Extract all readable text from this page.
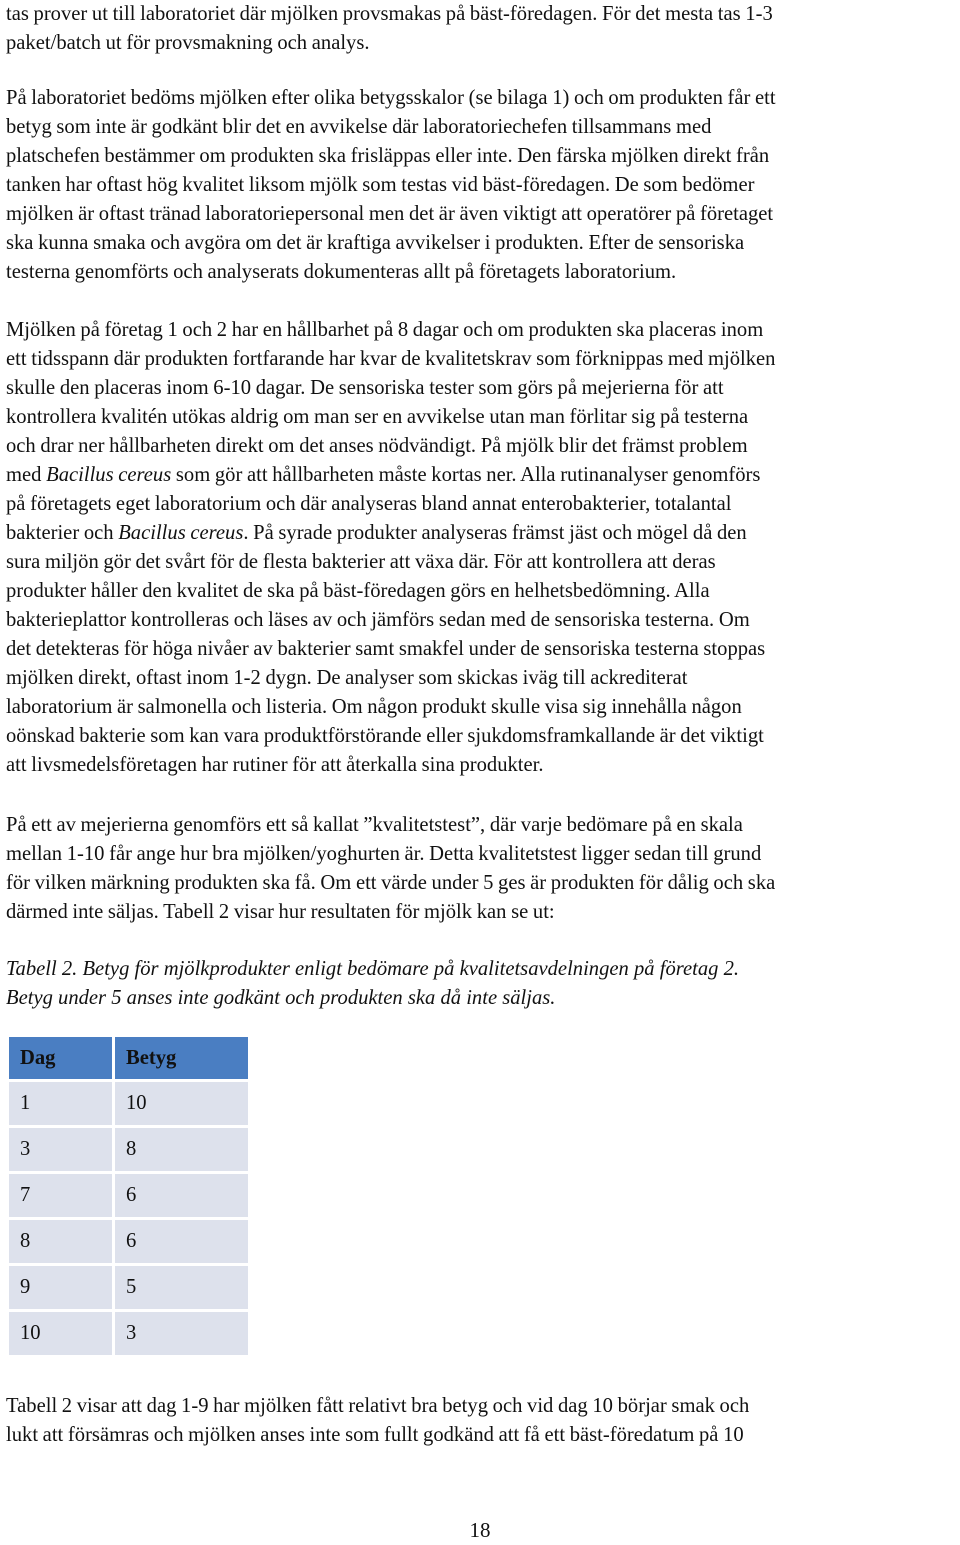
tas prover ut till laboratoriet där mjölken provsmakas på bäst-föredagen. För det mesta tas 1-3
paket/batch ut för provsmakning och analys.
På laboratoriet bedöms mjölken efter olika betygsskalor (se bilaga 1) och om produkten får ett
betyg som inte är godkänt blir det en avvikelse där laboratoriechefen tillsammans med
platschefen bestämmer om produkten ska frisläppas eller inte. Den färska mjölken direkt från
tanken har oftast hög kvalitet liksom mjölk som testas vid bäst-föredagen. De som bedömer
mjölken är oftast tränad laboratoriepersonal men det är även viktigt att operatörer på företaget
ska kunna smaka och avgöra om det är kraftiga avvikelser i produkten. Efter de sensoriska
testerna genomförts och analyserats dokumenteras allt på företagets laboratorium.
Mjölken på företag 1 och 2 har en hållbarhet på 8 dagar och om produkten ska placeras inom
ett tidsspann där produkten fortfarande har kvar de kvalitetskrav som förknippas med mjölken
skulle den placeras inom 6-10 dagar. De sensoriska tester som görs på mejerierna för att
kontrollera kvalitén utökas aldrig om man ser en avvikelse utan man förlitar sig på testerna
och drar ner hållbarheten direkt om det anses nödvändigt. På mjölk blir det främst problem
med Bacillus cereus som gör att hållbarheten måste kortas ner. Alla rutinanalyser genomförs
på företagets eget laboratorium och där analyseras bland annat enterobakterier, totalantal
bakterier och Bacillus cereus. På syrade produkter analyseras främst jäst och mögel då den
sura miljön gör det svårt för de flesta bakterier att växa där. För att kontrollera att deras
produkter håller den kvalitet de ska på bäst-föredagen görs en helhetsbedömning. Alla
bakterieplattor kontrolleras och läses av och jämförs sedan med de sensoriska testerna. Om
det detekteras för höga nivåer av bakterier samt smakfel under de sensoriska testerna stoppas
mjölken direkt, oftast inom 1-2 dygn. De analyser som skickas iväg till ackrediterat
laboratorium är salmonella och listeria. Om någon produkt skulle visa sig innehålla någon
oönskad bakterie som kan vara produktförstörande eller sjukdomsframkallande är det viktigt
att livsmedelsföretagen har rutiner för att återkalla sina produkter.
På ett av mejerierna genomförs ett så kallat ”kvalitetstest”, där varje bedömare på en skala
mellan 1-10 får ange hur bra mjölken/yoghurten är. Detta kvalitetstest ligger sedan till grund
för vilken märkning produkten ska få. Om ett värde under 5 ges är produkten för dålig och ska
därmed inte säljas. Tabell 2 visar hur resultaten för mjölk kan se ut:
Tabell 2. Betyg för mjölkprodukter enligt bedömare på kvalitetsavdelningen på företag 2.
Betyg under 5 anses inte godkänt och produkten ska då inte säljas.
Dag	Betyg
1	10
3	8
7	6
8	6
9	5
10	3
Tabell 2 visar att dag 1-9 har mjölken fått relativt bra betyg och vid dag 10 börjar smak och
lukt att försämras och mjölken anses inte som fullt godkänd att få ett bäst-föredatum på 10
18
